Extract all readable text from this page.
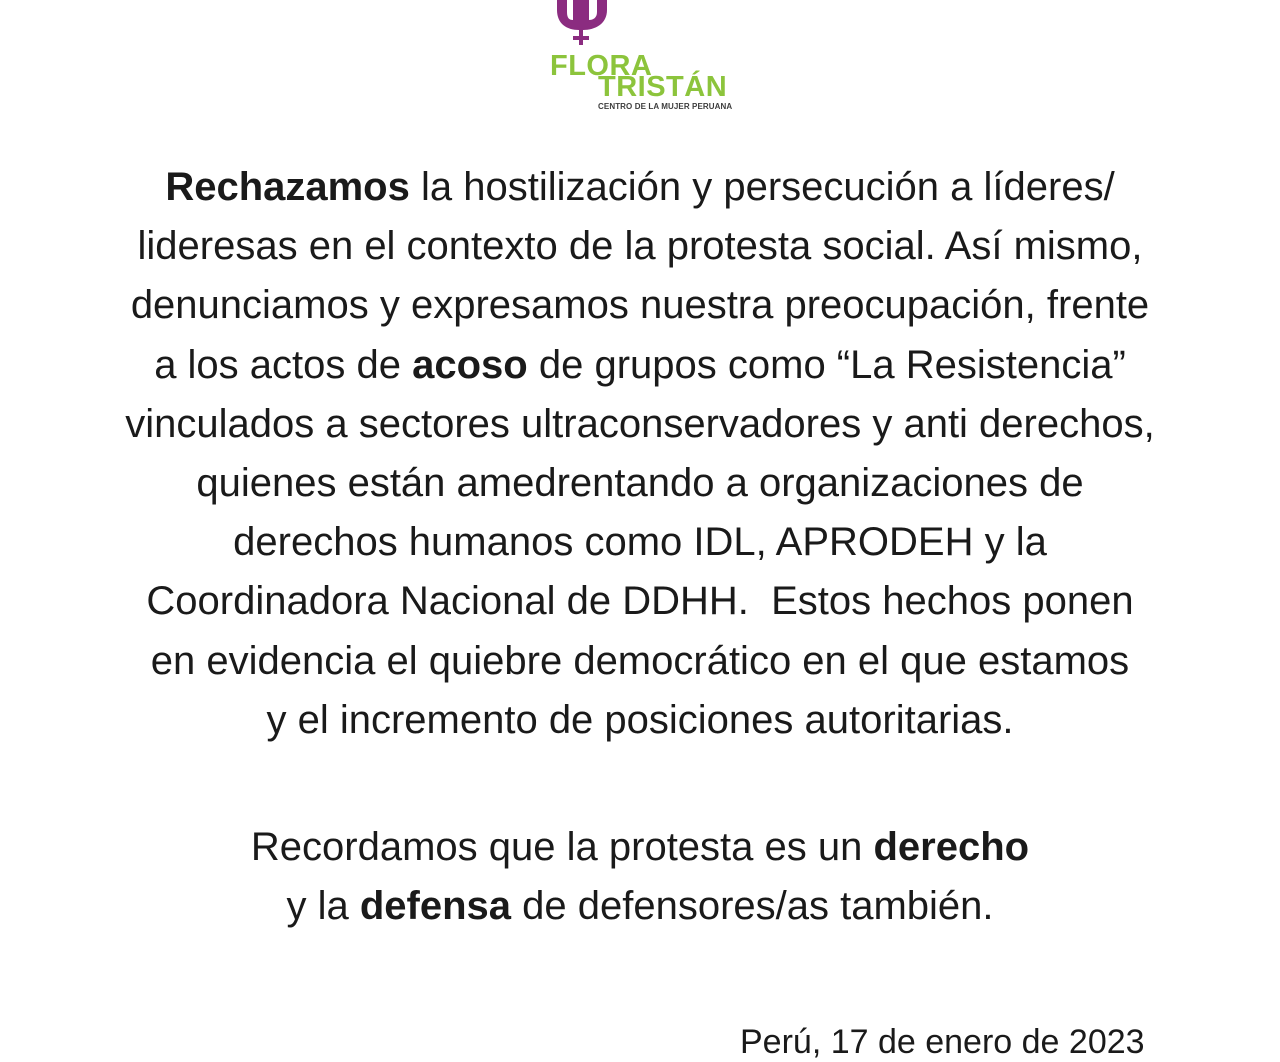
FLORA
TRISTÁN
CENTRO DE LA MUJER PERUANA
Rechazamos la hostilización y persecución a líderes/
lideresas en el contexto de la protesta social. Así mismo,
denunciamos y expresamos nuestra preocupación, frente
a los actos de acoso de grupos como “La Resistencia”
vinculados a sectores ultraconservadores y anti derechos,
quienes están amedrentando a organizaciones de
derechos humanos como IDL, APRODEH y la
Coordinadora Nacional de DDHH.  Estos hechos ponen
en evidencia el quiebre democrático en el que estamos
y el incremento de posiciones autoritarias.
Recordamos que la protesta es un derecho
y la defensa de defensores/as también.
Perú, 17 de enero de 2023
